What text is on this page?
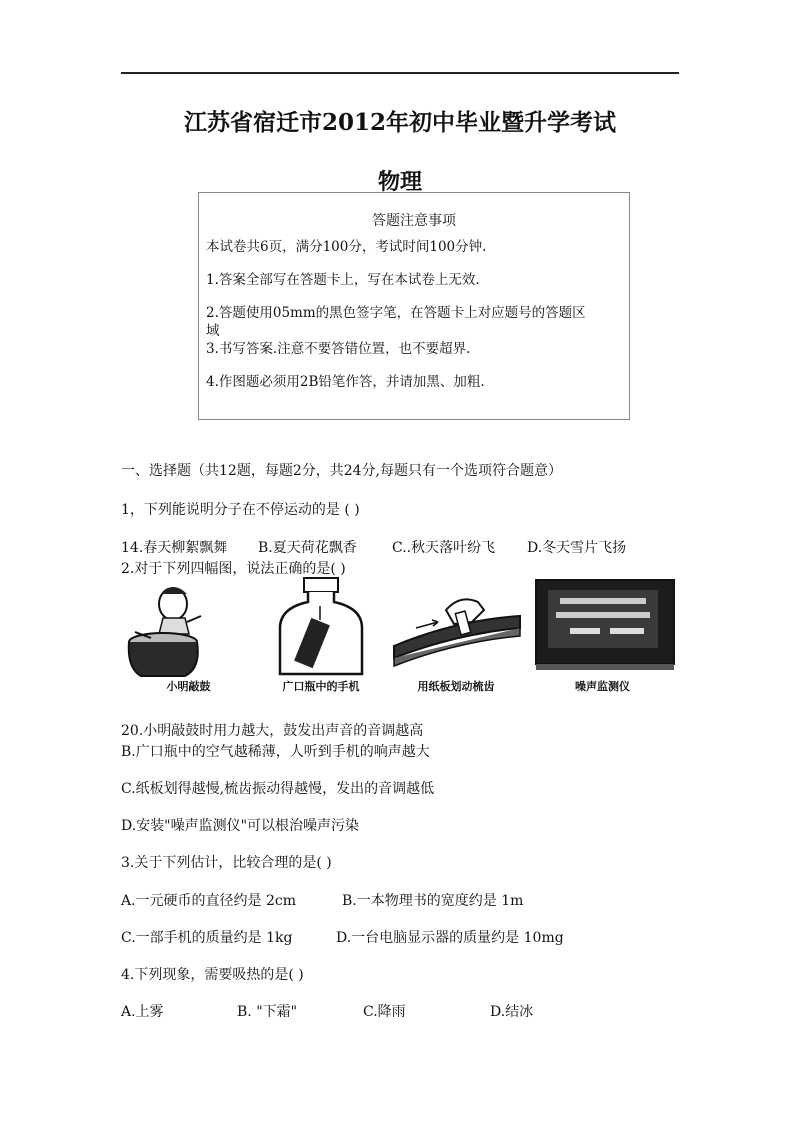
江苏省宿迁市2012年初中毕业暨升学考试
物理
答题注意事项
本试卷共6页，满分100分，考试时间100分钟.
1.答案全部写在答题卡上，写在本试卷上无效.
2.答题使用05mm的黑色签字笔，在答题卡上对应题号的答题区
域
3.书写答案.注意不要答错位置，也不要超界.
4.作图题必须用2B铅笔作答，并请加黑、加粗.
一、选择题（共12题，每题2分，共24分,每题只有一个选项符合题意）
1，下列能说明分子在不停运动的是 ( )
14.春天柳絮飘舞 B.夏天荷花飘香	C..秋天落叶纷飞 D.冬天雪片飞扬
2.对于下列四幅图，说法正确的是( )
小明敲鼓	广口瓶中的手机	用纸板划动梳齿	噪声监测仪
20.小明敲鼓时用力越大，鼓发出声音的音调越高
B.广口瓶中的空气越稀薄，人听到手机的响声越大
C.纸板划得越慢,梳齿振动得越慢，发出的音调越低
D.安装"噪声监测仪"可以根治噪声污染
3.关于下列估计，比较合理的是( )
A.一元硬币的直径约是 2cm	B.一本物理书的宽度约是 1m
C.一部手机的质量约是 1kg	D.一台电脑显示器的质量约是 10mg
4.下列现象，需要吸热的是( )
A.上雾	B. "下霜"	C.降雨	D.结冰
